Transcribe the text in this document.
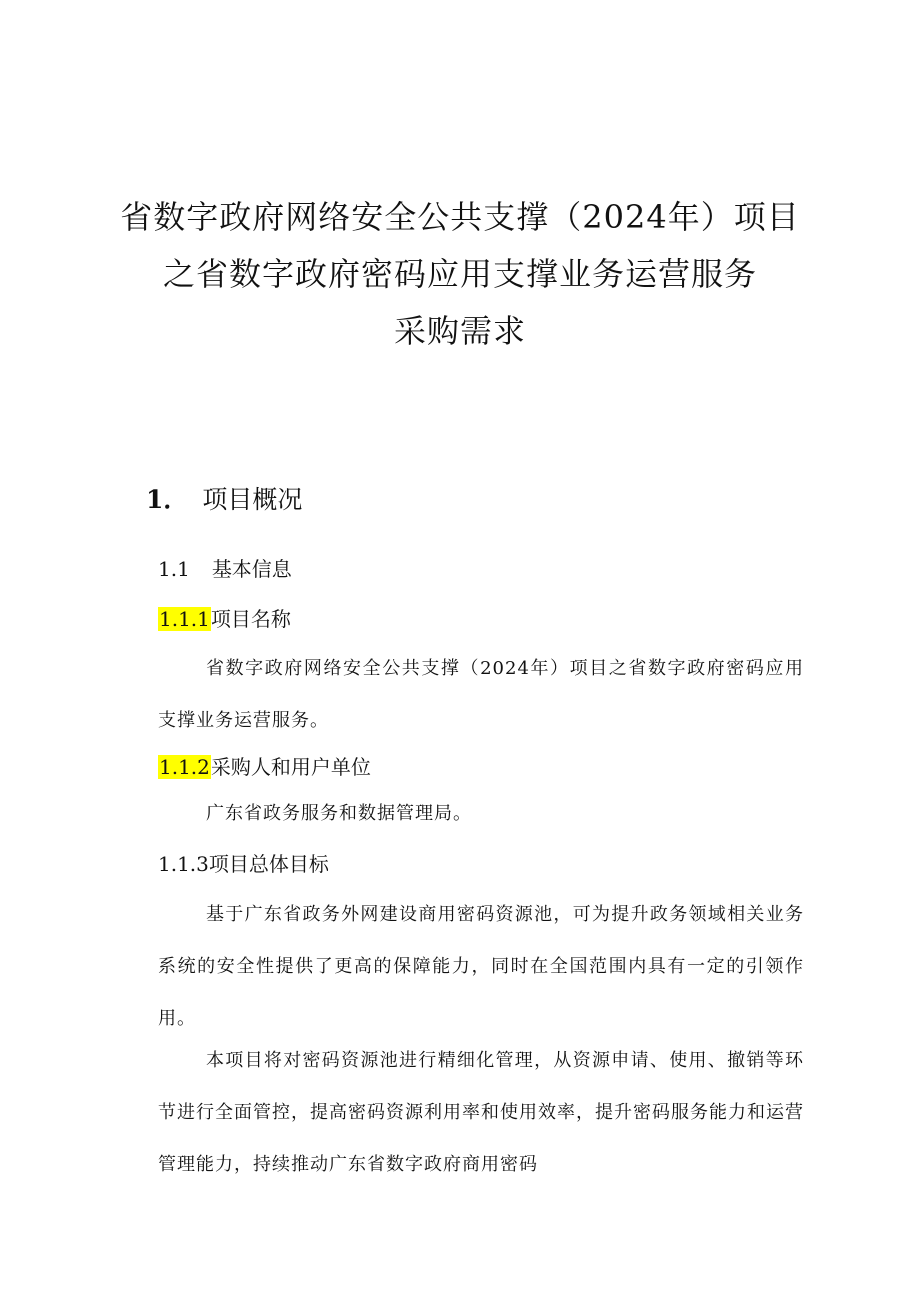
省数字政府网络安全公共支撑（2024年）项目
之省数字政府密码应用支撑业务运营服务
采购需求
1． 项目概况
1.1 基本信息
1.1.1项目名称
省数字政府网络安全公共支撑（2024年）项目之省数字政府密码应用支撑业务运营服务。
1.1.2采购人和用户单位
广东省政务服务和数据管理局。
1.1.3项目总体目标
基于广东省政务外网建设商用密码资源池，可为提升政务领域相关业务系统的安全性提供了更高的保障能力，同时在全国范围内具有一定的引领作用。
本项目将对密码资源池进行精细化管理，从资源申请、使用、撤销等环节进行全面管控，提高密码资源利用率和使用效率，提升密码服务能力和运营管理能力，持续推动广东省数字政府商用密码
